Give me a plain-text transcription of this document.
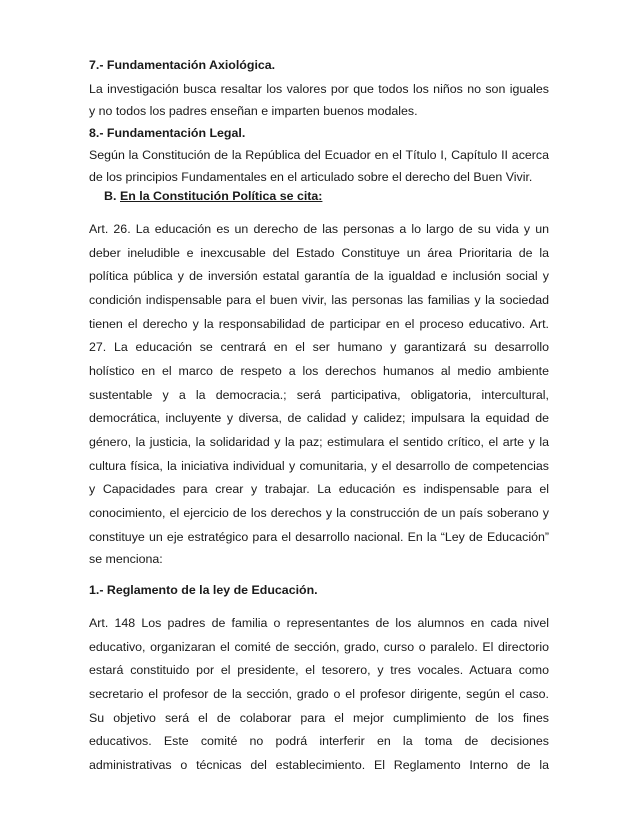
7.- Fundamentación Axiológica.
La investigación busca resaltar los valores por que todos los niños no son iguales
y no todos los padres enseñan e imparten buenos modales.
8.- Fundamentación Legal.
Según la Constitución de la República del Ecuador en el Título I, Capítulo II acerca
de los principios Fundamentales en el articulado sobre el derecho del Buen Vivir.
B. En la Constitución Política se cita:
Art. 26. La educación es un derecho de las personas a lo largo de su vida y un
deber ineludible e inexcusable del Estado Constituye un área Prioritaria de la
política pública y de inversión estatal garantía de la igualdad e inclusión social y
condición indispensable para el buen vivir, las personas las familias y la sociedad
tienen el derecho y la responsabilidad de participar en el proceso educativo. Art.
27. La educación se centrará en el ser humano y garantizará su desarrollo
holístico en el marco de respeto a los derechos humanos al medio ambiente
sustentable y a la democracia.; será participativa, obligatoria, intercultural,
democrática, incluyente y diversa, de calidad y calidez; impulsara la equidad de
género, la justicia, la solidaridad y la paz; estimulara el sentido crítico, el arte y la
cultura física, la iniciativa individual y comunitaria, y el desarrollo de competencias
y Capacidades para crear y trabajar. La educación es indispensable para el
conocimiento, el ejercicio de los derechos y la construcción de un país soberano y
constituye un eje estratégico para el desarrollo nacional. En la “Ley de Educación”
se menciona:
1.- Reglamento de la ley de Educación.
Art. 148 Los padres de familia o representantes de los alumnos en cada nivel
educativo, organizaran el comité de sección, grado, curso o paralelo. El directorio
estará constituido por el presidente, el tesorero, y tres vocales. Actuara como
secretario el profesor de la sección, grado o el profesor dirigente, según el caso.
Su objetivo será el de colaborar para el mejor cumplimiento de los fines
educativos. Este comité no podrá interferir en la toma de decisiones
administrativas o técnicas del establecimiento. El Reglamento Interno de la
